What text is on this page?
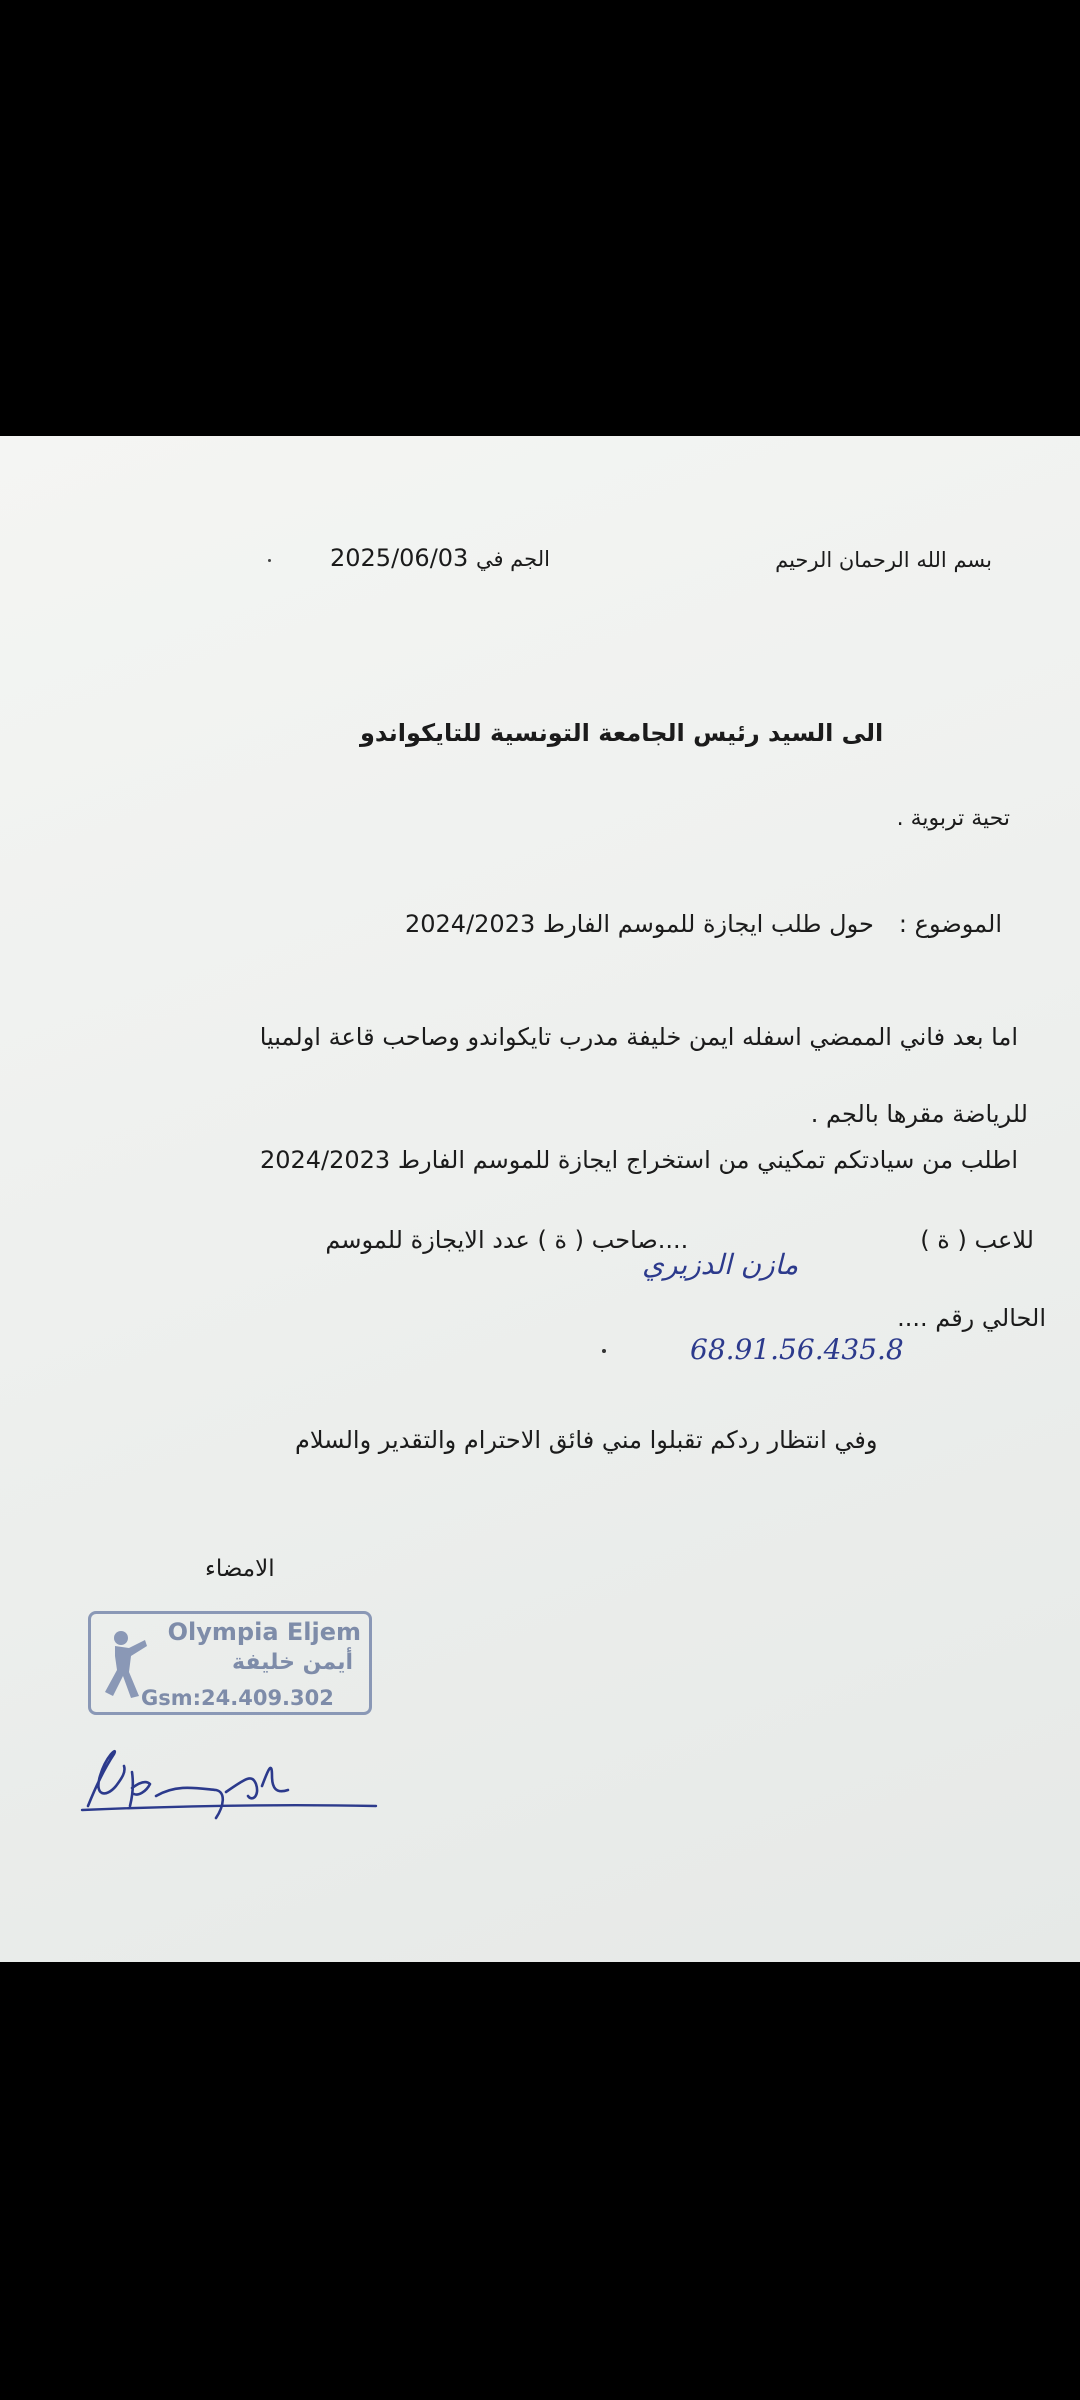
بسم الله الرحمان الرحيم
2025/06/03 الجم في
الى السيد رئيس الجامعة التونسية للتايكواندو
تحية تربوية .
الموضوع :
حول طلب ايجازة للموسم الفارط 2024/2023
اما بعد فاني الممضي اسفله ايمن خليفة مدرب تايكواندو وصاحب قاعة اولمبيا
للرياضة مقرها بالجم .
اطلب من سيادتكم تمكيني من استخراج ايجازة للموسم الفارط 2024/2023
للاعب ( ة )....صاحب ( ة ) عدد الايجازة للموسم
مازن الدزيري
الحالي رقم ....
68.91.56.435.8
وفي انتظار ردكم تقبلوا مني فائق الاحترام والتقدير والسلام
الامضاء
Olympia Eljem
أيمن خليفة
Gsm:24.409.302
